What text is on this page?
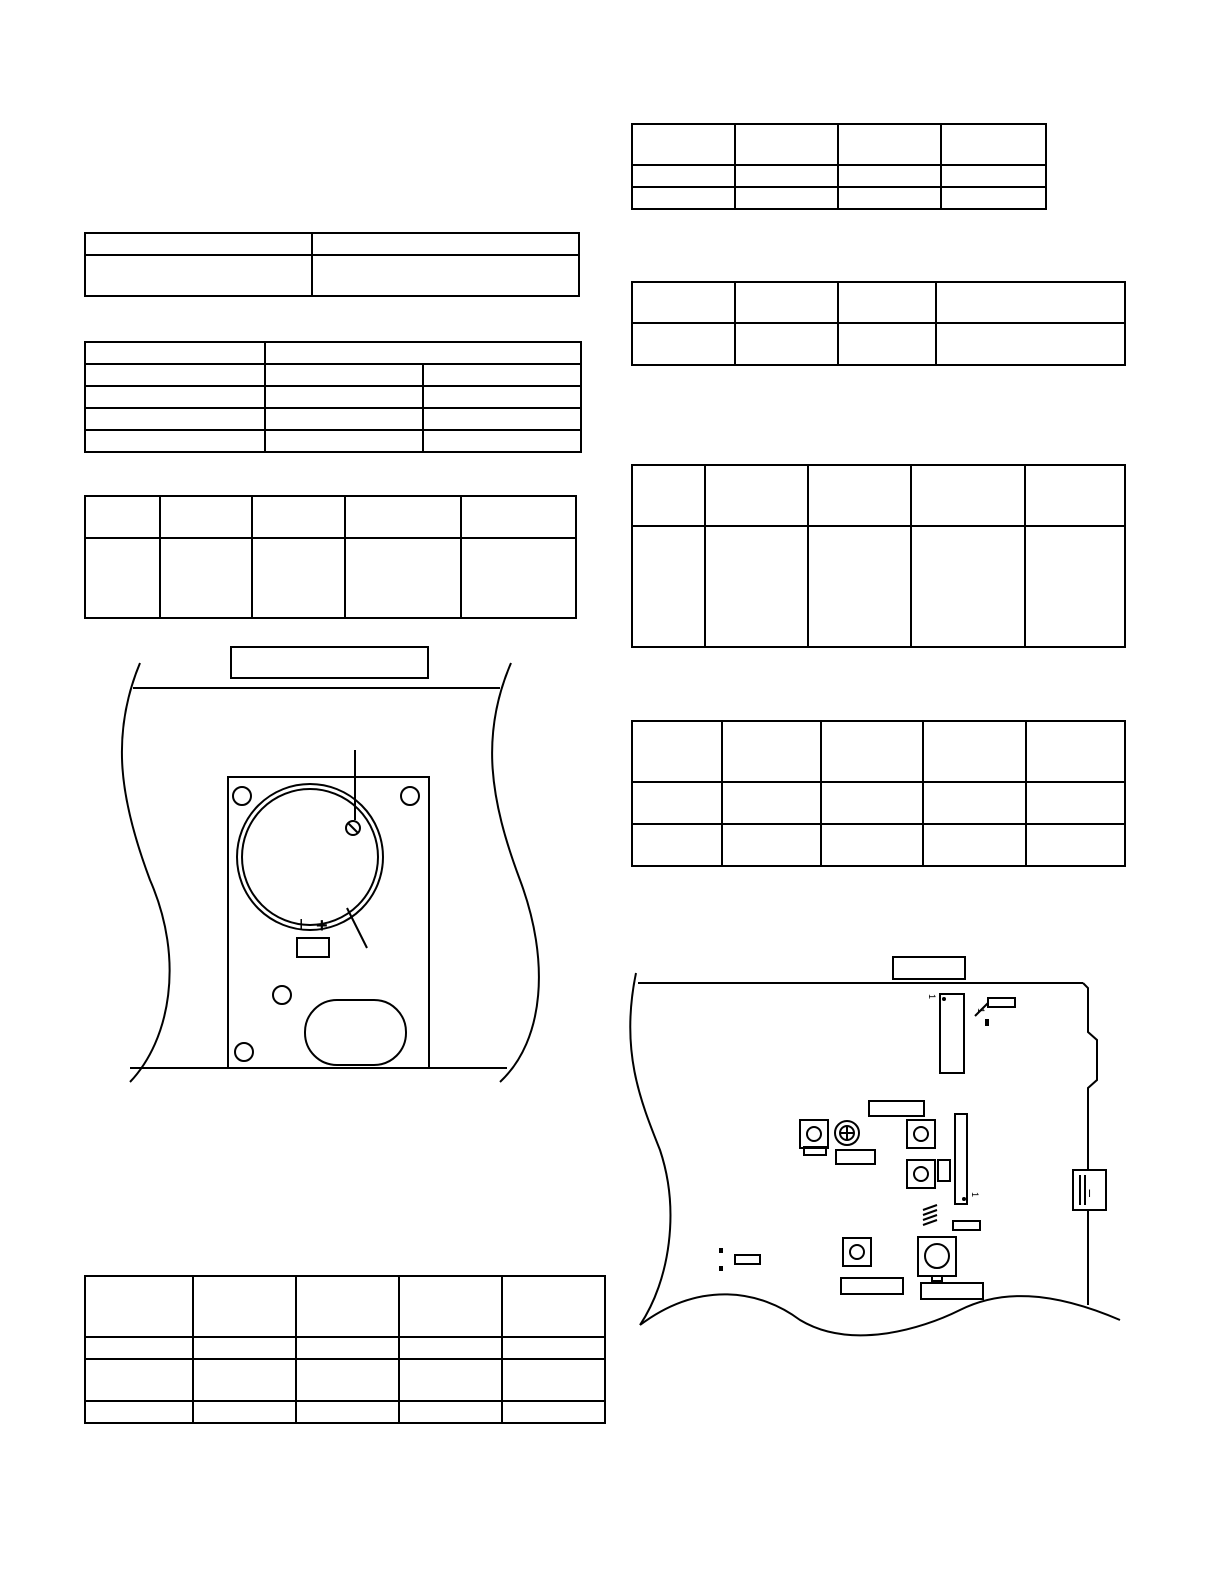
I +
1
1
1
I
